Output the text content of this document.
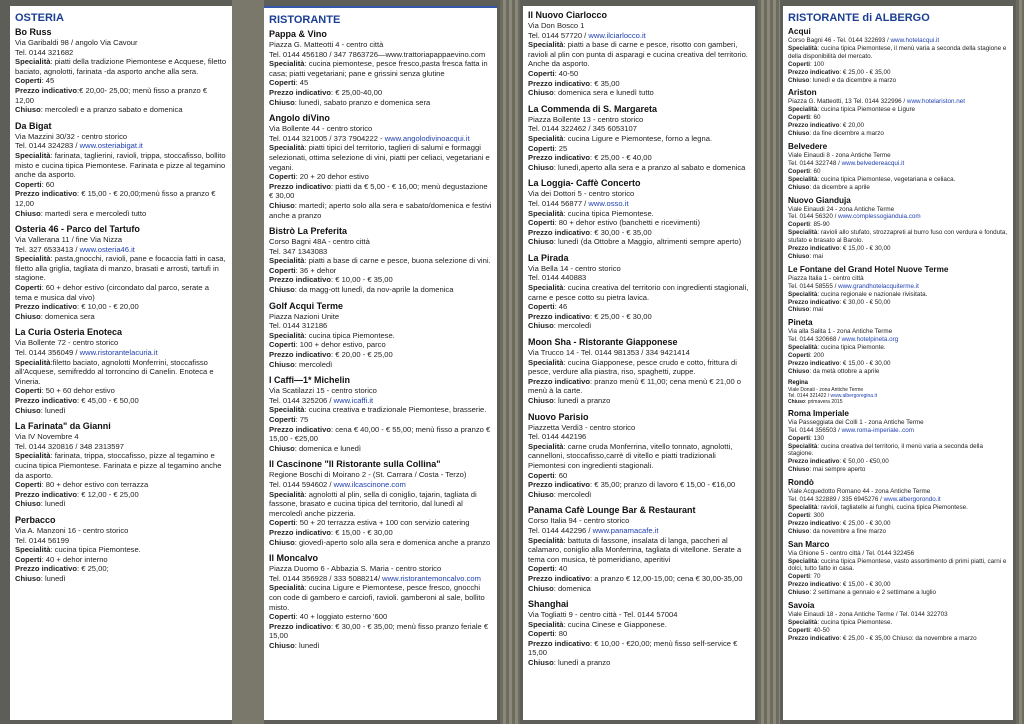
OSTERIA
Bo Russ
Via Garibaldi 98 / angolo Via Cavour
Tel. 0144 321682
Specialità: piatti della tradizione Piemontese e Acquese, filetto baciato, agnolotti, farinata -da asporto anche alla sera.
Coperti: 45
Prezzo indicativo:€ 20,00- 25,00; menù fisso a pranzo € 12,00
Chiuso: mercoledì e a pranzo sabato e domenica
Da Bigat
Via Mazzini 30/32 - centro storico
Tel. 0144 324283 / www.osteriabigat.it
Specialità: farinata, taglierini, ravioli, trippa, stoccafisso, bollito misto e cucina tipica Piemontese. Farinata e pizze al tegamino anche da asporto.
Coperti: 60
Prezzo indicativo: € 15,00 - € 20,00;menù fisso a pranzo € 12,00
Chiuso: martedì sera e mercoledì tutto
Osteria 46 - Parco del Tartufo
Via Vallerana 11 / fine Via Nizza
Tel. 327 6533413 / www.osteria46.it
Specialità: pasta,gnocchi, ravioli, pane e focaccia fatti in casa, filetto alla griglia, tagliata di manzo, brasati e arrosti, tartufi in stagione.
Coperti: 60 + dehor estivo (circondato dal parco, serate a tema e musica dal vivo)
Prezzo indicativo: € 10,00 - € 20,00
Chiuso: domenica sera
La Curia Osteria Enoteca
Via Bollente 72 - centro storico
Tel. 0144 356049 / www.ristorantelacuria.it
Specialità:filetto baciato, agnolotti Monferrini, stoccafisso all'Acquese, semifreddo al torroncino di Canelin. Enoteca e Vineria.
Coperti: 50 + 60 dehor estivo
Prezzo indicativo: € 45,00 - € 50,00
Chiuso: lunedì
La Farinata" da Gianni
Via IV Novembre 4
Tel. 0144 320816 / 348 2313597
Specialità: farinata, trippa, stoccafisso, pizze al tegamino e cucina tipica Piemontese. Farinata e pizze al tegamino anche da asporto.
Coperti: 80 + dehor estivo con terrazza
Prezzo indicativo: € 12,00 - € 25,00
Chiuso: lunedì
Perbacco
Via A. Manzoni 16 - centro storico
Tel. 0144 56199
Specialità: cucina tipica Piemontese.
Coperti: 40 + dehor interno
Prezzo indicativo: € 25,00;
Chiuso: lunedì
RISTORANTE
Pappa & Vino
Piazza G. Matteotti 4 - centro città
Tel. 0144 456180 / 347 7863726—www.trattoriapappaevino.com
Specialità: cucina piemontese, pesce fresco,pasta fresca fatta in casa; piatti vegetariani; pane e grissini senza glutine
Coperti: 45
Prezzo indicativo: € 25,00-40,00
Chiuso: lunedì, sabato pranzo e domenica sera
Angolo diVino
Via Bollente 44 - centro storico
Tel. 0144 321005 / 373 7904222 - www.angolodivinoacqui.it
Specialità: piatti tipici del territorio, taglieri di salumi e formaggi selezionati, ottima selezione di vini, piatti per celiaci, vegetariani e vegani.
Coperti: 20 + 20 dehor estivo
Prezzo indicativo: piatti da € 5,00 - € 16,00; menù degustazione € 30,00
Chiuso: martedì; aperto solo alla sera e sabato/domenica e festivi anche a pranzo
Bistrò La Preferita
Corso Bagni 48A - centro città
Tel. 347 1343083
Specialità: piatti a base di carne e pesce, buona selezione di vini.
Coperti: 36 + dehor
Prezzo indicativo: € 10,00 - € 35,00
Chiuso: da magg-ott lunedì, da nov-aprile la domenica
Golf Acqui Terme
Piazza Nazioni Unite
Tel. 0144 312186
Specialità: cucina tipica Piemontese.
Coperti: 100 + dehor estivo, parco
Prezzo indicativo: € 20,00 - € 25,00
Chiuso: mercoledì
I Caffi—1* Michelin
Via Scatilazzi 15 - centro storico
Tel. 0144 325206 / www.icaffi.it
Specialità: cucina creativa e tradizionale Piemontese, brasserie.
Coperti: 75
Prezzo indicativo: cena € 40,00 - € 55,00; menù fisso a pranzo € 15,00 - €25,00
Chiuso: domenica e lunedì
Il Cascinone "Il Ristorante sulla Collina"
Regione Boschi di Moirano 2 - (St. Carrara / Costa - Terzo)
Tel. 0144 594602 / www.ilcascinone.com
Specialità: agnolotti al plin, sella di coniglio, tajarin, tagliata di fassone, brasato e cucina tipica del territorio, dal lunedì al mercoledì anche pizzeria.
Coperti: 50 + 20 terrazza estiva + 100 con servizio catering
Prezzo indicativo: € 15,00 - € 30,00
Chiuso: giovedì-aperto solo alla sera e domenica anche a pranzo
Il Moncalvo
Piazza Duomo 6 - Abbazia S. Maria - centro storico
Tel. 0144 356928 / 333 5088214/ www.ristorantemoncalvo.com
Specialità: cucina Ligure e Piemontese, pesce fresco, gnocchi con code di gambero e carciofi, ravioli. gamberoni al sale, bollito misto.
Coperti: 40 + loggiato esterno '600
Prezzo indicativo: € 30,00 - € 35,00; menù fisso pranzo feriale € 15,00
Chiuso: lunedì
Il Nuovo Ciarlocco
Via Don Bosco 1
Tel. 0144 57720 / www.ilciarlocco.it
Specialità: piatti a base di carne e pesce, risotto con gamberi, ravioli al plin con punta di asparagi e cucina creativa del territorio. Anche da asporto.
Coperti: 40-50
Prezzo indicativo: € 35,00
Chiuso: domenica sera e lunedì tutto
La Commenda di S. Margareta
Piazza Bollente 13 - centro storico
Tel. 0144 322462 / 345 6053107
Specialità: cucina Ligure e Piemontese, forno a legna.
Coperti: 25
Prezzo indicativo: € 25,00 - € 40,00
Chiuso: lunedì,aperto alla sera e a pranzo al sabato e domenica
La Loggia- Caffè Concerto
Via dei Dottori 5 - centro storico
Tel. 0144 56877 / www.osso.it
Specialità: cucina tipica Piemontese.
Coperti: 80 + dehor estivo (banchetti e ricevimenti)
Prezzo indicativo: € 30,00 - € 35,00
Chiuso: lunedì (da Ottobre a Maggio, altrimenti sempre aperto)
La Pirada
Via Bella 14 - centro storico
Tel. 0144 440883
Specialità: cucina creativa del territorio con ingredienti stagionali, carne e pesce cotto su pietra lavica.
Coperti: 46
Prezzo indicativo: € 25,00 - € 30,00
Chiuso: mercoledì
Moon Sha - Ristorante Giapponese
Via Trucco 14 - Tel. 0144 981353 / 334 9421414
Specialità: cucina Giapponese, pesce crudo e cotto, frittura di pesce, verdure alla piastra, riso, spaghetti, zuppe.
Prezzo indicativo: pranzo menù € 11,00; cena menù € 21,00 o menù à la carte.
Chiuso: lunedì a pranzo
Nuovo Parisio
Piazzetta Verdi3 - centro storico
Tel. 0144 442196
Specialità: carne cruda Monferrina, vitello tonnato, agnolotti, cannelloni, stoccafisso,carrè di vitello e piatti tradizionali Piemontesi con ingredienti stagionali.
Coperti: 60
Prezzo indicativo: € 35,00; pranzo di lavoro € 15,00 - €16,00
Chiuso: mercoledì
Panama Cafè Lounge Bar & Restaurant
Corso Italia 94 - centro storico
Tel. 0144 442296 / www.panamacafe.it
Specialità: battuta di fassone, insalata di langa, paccheri al calamaro, coniglio alla Monferrina, tagliata di vitellone. Serate a tema con musica, tè pomeridiano, aperitivi
Coperti: 40
Prezzo indicativo: a pranzo € 12,00-15,00; cena € 30,00-35,00
Chiuso: domenica
Shanghai
Via Togliatti 9 - centro città - Tel. 0144 57004
Specialità: cucina Cinese e Giapponese.
Coperti: 80
Prezzo indicativo: € 10,00 - €20,00; menù fisso self-service € 15,00
Chiuso: lunedì a pranzo
RISTORANTE di ALBERGO
Acqui
Corso Bagni 46 - Tel. 0144 322693 / www.hotelacqui.it
Specialità: cucina tipica Piemontese, il menù varia a seconda della stagione e della disponibilità del mercato.
Coperti: 100
Prezzo indicativo: € 25,00 - € 35,00
Chiuso: lunedì e da dicembre a marzo
Ariston
Piazza G. Matteotti, 13 Tel. 0144 322996 / www.hotelariston.net
Specialità: cucina tipica Piemontese e Ligure
Coperti: 60
Prezzo indicativo: € 20,00
Chiuso: da fine dicembre a marzo
Belvedere
Viale Einaudi 8 - zona Antiche Terme
Tel. 0144 322748 / www.belvedereacqui.it
Coperti: 60
Specialità: cucina tipica Piemontese, vegetariana e celiaca.
Chiuso: da dicembre a aprile
Nuovo Gianduja
Viale Einaudi 24 - zona Antiche Terme
Tel. 0144 56320 / www.complessogianduia.com
Coperti: 85-90
Specialità: ravioli allo stufato, strozzapreti al burro fuso con verdura e fonduta, stufato e brasato al Barolo.
Prezzo indicativo: € 15,00 - € 30,00
Chiuso: mai
Le Fontane del Grand Hotel Nuove Terme
Piazza Italia 1 - centro città
Tel. 0144 58555 / www.grandhotelacquiterme.it
Specialità: cucina regionale e nazionale rivisitata.
Prezzo indicativo: € 30,00 - € 50,00
Chiuso: mai
Pineta
Via alla Salita 1 - zona Antiche Terme
Tel. 0144 320668 / www.hotelpineta.org
Specialità: cucina tipica Piemonte.
Coperti: 200
Prezzo indicativo: € 15,00 - € 30,00
Chiuso: da metà ottobre a aprile
Regina
Viale Donati - zona Antiche Terme
Tel. 0144 321422 / www.albergoregina.it
Chiuso: primavera 2015
Roma Imperiale
Via Passeggiata dei Colli 1 - zona Antiche Terme
Tel. 0144 356503 / www.roma-imperiale..com
Coperti: 130
Specialità: cucina creativa del territorio, il menù varia a seconda della stagione.
Prezzo indicativo: € 50,00 - €50,00
Chiuso: mai sempre aperto
Rondò
Viale Acquedotto Romano 44 - zona Antiche Terme
Tel. 0144 322889 / 335 6945276 / www.albergorondo.it
Specialità: ravioli, tagliatelle ai funghi, cucina tipica Piemontese.
Coperti: 300
Prezzo indicativo: € 25,00 - € 30,00
Chiuso: da novembre a fine marzo
San Marco
Via Ghione 5 - centro città / Tel. 0144 322456
Specialità: cucina tipica Piemontese, vasto assortimento di primi piatti, carni e dolci, tutto fatto in casa.
Coperti: 70
Prezzo indicativo: € 15,00 - € 30,00
Chiuso: 2 settimane a gennaio e 2 settimane a luglio
Savoia
Viale Einaudi 18 - zona Antiche Terme / Tel. 0144 322703
Specialità: cucina tipica Piemontese.
Coperti: 40-50
Prezzo indicativo: € 25,00 - € 35,00 Chiuso: da novembre a marzo
